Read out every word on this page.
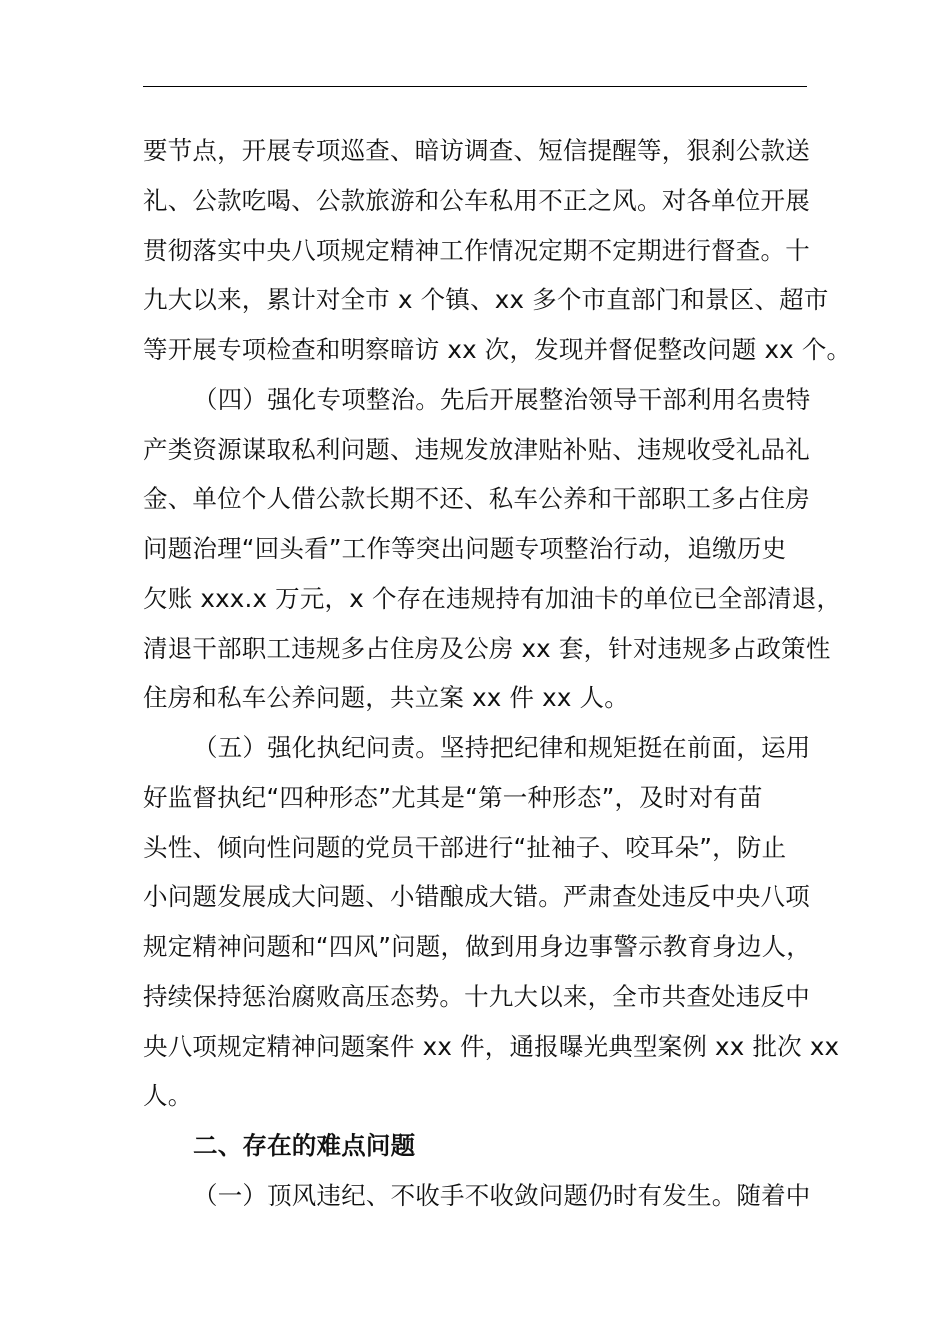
要节点，开展专项巡查、暗访调查、短信提醒等，狠刹公款送
礼、公款吃喝、公款旅游和公车私用不正之风。对各单位开展
贯彻落实中央八项规定精神工作情况定期不定期进行督查。十
九大以来，累计对全市 x 个镇、xx 多个市直部门和景区、超市
等开展专项检查和明察暗访 xx 次，发现并督促整改问题 xx 个。
（四）强化专项整治。先后开展整治领导干部利用名贵特
产类资源谋取私利问题、违规发放津贴补贴、违规收受礼品礼
金、单位个人借公款长期不还、私车公养和干部职工多占住房
问题治理“回头看”工作等突出问题专项整治行动，追缴历史
欠账 xxx.x 万元，x 个存在违规持有加油卡的单位已全部清退，
清退干部职工违规多占住房及公房 xx 套，针对违规多占政策性
住房和私车公养问题，共立案 xx 件 xx 人。
（五）强化执纪问责。坚持把纪律和规矩挺在前面，运用
好监督执纪“四种形态”尤其是“第一种形态”，及时对有苗
头性、倾向性问题的党员干部进行“扯袖子、咬耳朵”，防止
小问题发展成大问题、小错酿成大错。严肃查处违反中央八项
规定精神问题和“四风”问题，做到用身边事警示教育身边人，
持续保持惩治腐败高压态势。十九大以来，全市共查处违反中
央八项规定精神问题案件 xx 件，通报曝光典型案例 xx 批次 xx
人。
二、存在的难点问题
（一）顶风违纪、不收手不收敛问题仍时有发生。随着中
